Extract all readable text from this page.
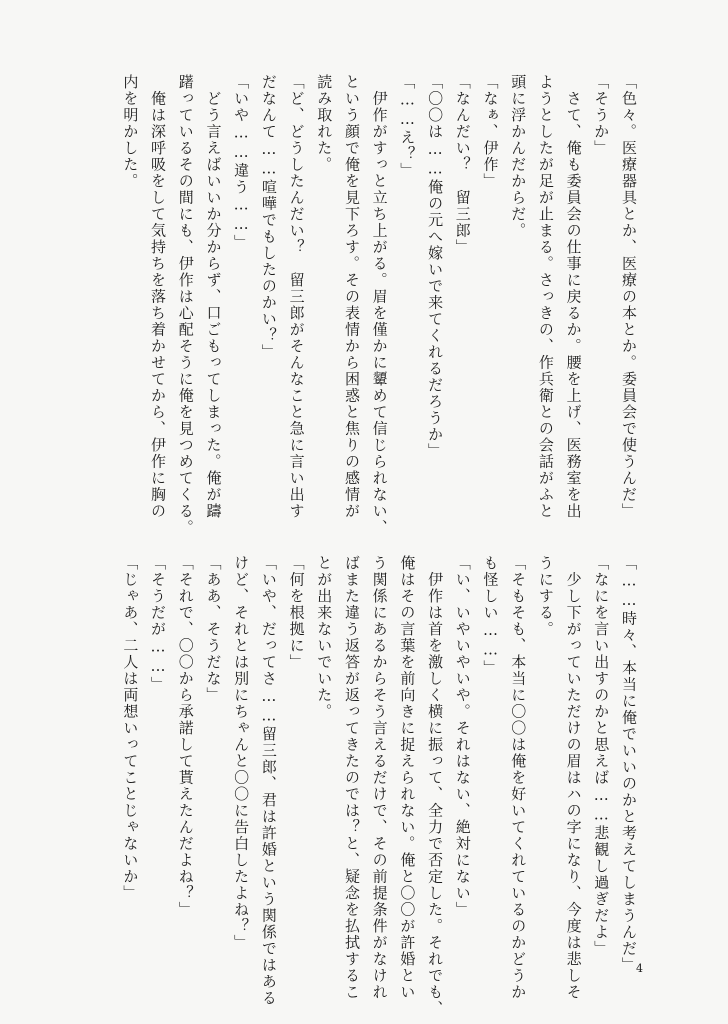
「色々。医療器具とか、医療の本とか。委員会で使うんだ」
「そうか」
　さて、俺も委員会の仕事に戻るか。腰を上げ、医務室を出
ようとしたが足が止まる。さっきの、作兵衛との会話がふと
頭に浮かんだからだ。
「なぁ、伊作」
「なんだい？　留三郎」
「〇〇は……俺の元へ嫁いで来てくれるだろうか」
「……え？」
　伊作がすっと立ち上がる。眉を僅かに顰めて信じられない、
という顔で俺を見下ろす。その表情から困惑と焦りの感情が
読み取れた。
「ど、どうしたんだい？　留三郎がそんなこと急に言い出す
だなんて……喧嘩でもしたのかい？」
「いや……違う……」
　どう言えばいいか分からず、口ごもってしまった。俺が躊
躇っているその間にも、伊作は心配そうに俺を見つめてくる。
　俺は深呼吸をして気持ちを落ち着かせてから、伊作に胸の
内を明かした。
「……時々、本当に俺でいいのかと考えてしまうんだ」
「なにを言い出すのかと思えば……悲観し過ぎだよ」
　少し下がっていただけの眉はハの字になり、今度は悲しそ
うにする。
「そもそも、本当に〇〇は俺を好いてくれているのかどうか
も怪しい……」
「い、いやいやいや。それはない、絶対にない」
　伊作は首を激しく横に振って、全力で否定した。それでも、
俺はその言葉を前向きに捉えられない。俺と〇〇が許婚とい
う関係にあるからそう言えるだけで、その前提条件がなけれ
ばまた違う返答が返ってきたのでは？と、疑念を払拭するこ
とが出来ないでいた。
「何を根拠に」
「いや、だってさ……留三郎、君は許婚という関係ではある
けど、それとは別にちゃんと〇〇に告白したよね？」
「ああ、そうだな」
「それで、〇〇から承諾して貰えたんだよね？」
「そうだが……」
「じゃあ、二人は両想いってことじゃないか」
4
